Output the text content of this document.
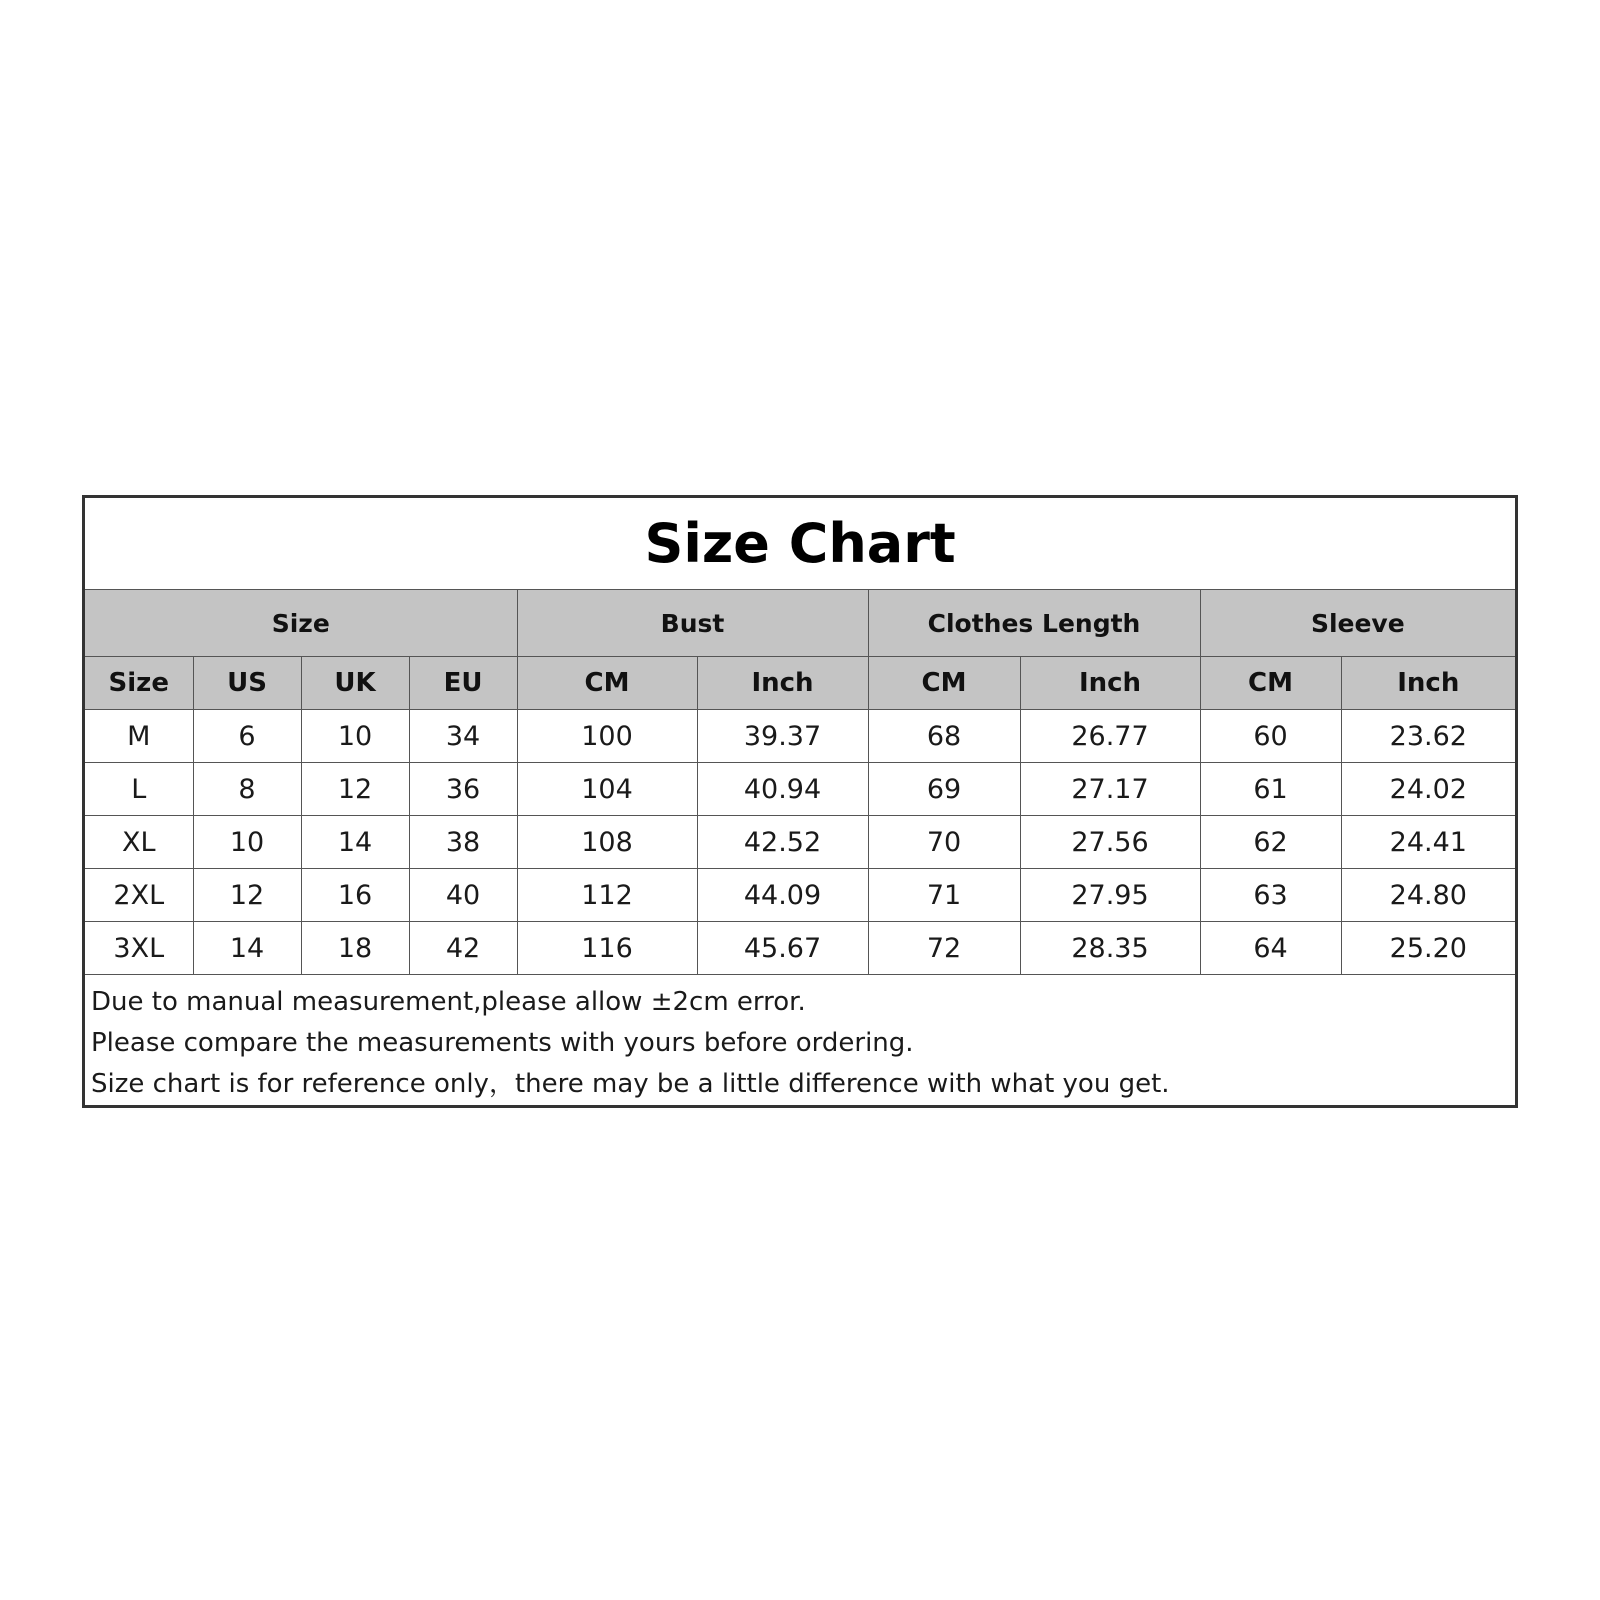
Size Chart									
Size				Bust		Clothes Length		Sleeve	
Size	US	UK	EU	CM	Inch	CM	Inch	CM	Inch
M	6	10	34	100	39.37	68	26.77	60	23.62
L	8	12	36	104	40.94	69	27.17	61	24.02
XL	10	14	38	108	42.52	70	27.56	62	24.41
2XL	12	16	40	112	44.09	71	27.95	63	24.80
3XL	14	18	42	116	45.67	72	28.35	64	25.20
Due to manual measurement,please allow ±2cm error.
Please compare the measurements with yours before ordering.
Size chart is for reference only，there may be a little difference with what you get.
